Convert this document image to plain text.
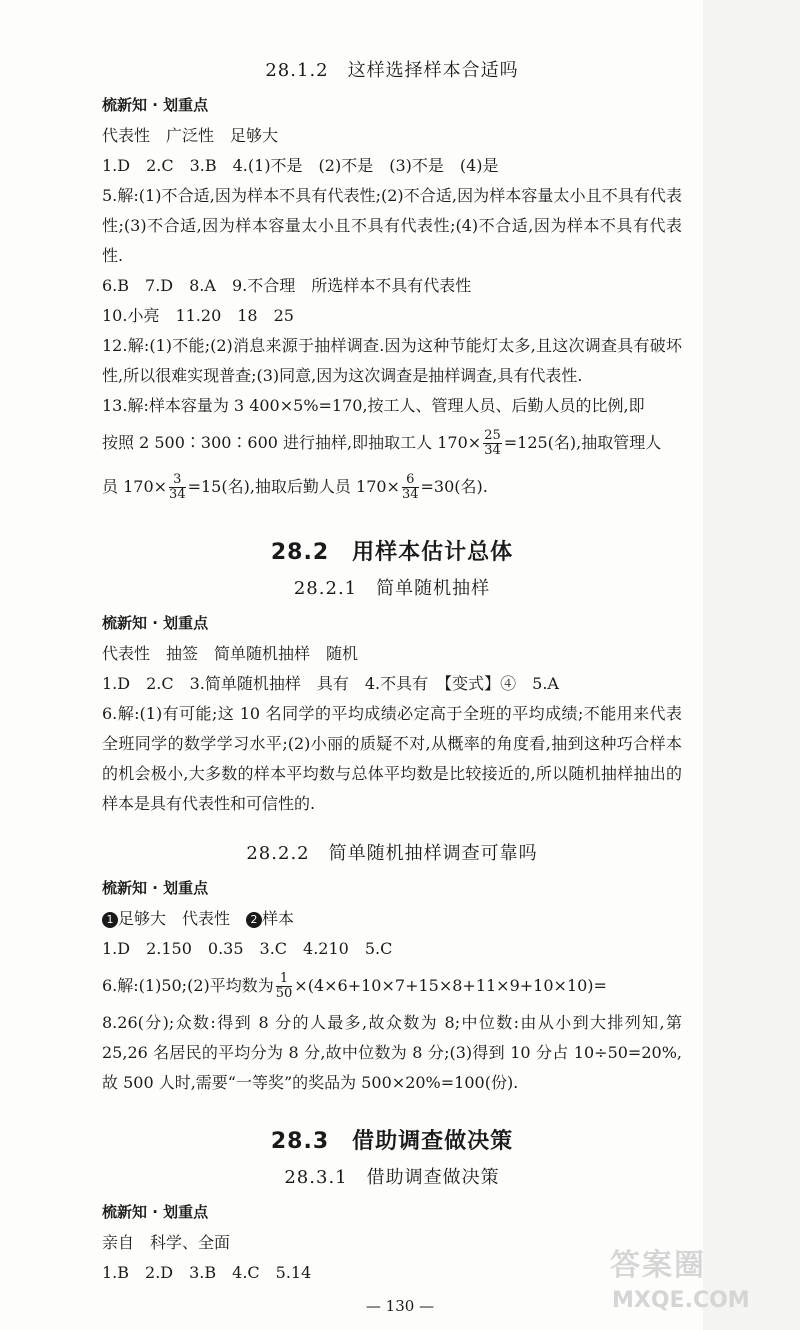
28.1.2　这样选择样本合适吗
梳新知 · 划重点

代表性　广泛性　足够大

1.D　2.C　3.B　4.(1)不是　(2)不是　(3)不是　(4)是

5.解:(1)不合适,因为样本不具有代表性;(2)不合适,因为样本容量太小且不具有代表性;(3)不合适,因为样本容量太小且不具有代表性;(4)不合适,因为样本不具有代表性.

6.B　7.D　8.A　9.不合理　所选样本不具有代表性

10.小亮　11.20　18　25

12.解:(1)不能;(2)消息来源于抽样调查.因为这种节能灯太多,且这次调查具有破坏性,所以很难实现普查;(3)同意,因为这次调查是抽样调查,具有代表性.

13.解:样本容量为 3 400×5%=170,按工人、管理人员、后勤人员的比例,即

按照 2 500∶300∶600 进行抽样,即抽取工人 $170\times \frac{25}{34} =125$(名),抽取管理人

员 $170\times \frac{3}{34} =15$(名),抽取后勤人员 $170\times \frac{6}{34} =30$(名).

28.2　用样本估计总体
28.2.1　简单随机抽样
梳新知 · 划重点

代表性　抽签　简单随机抽样　随机

1.D　2.C　3.简单随机抽样　具有　4.不具有　【变式】④　5.A

6.解:(1)有可能;这 10 名同学的平均成绩必定高于全班的平均成绩;不能用来代表全班同学的数学学习水平;(2)小丽的质疑不对,从概率的角度看,抽到这种巧合样本的机会极小,大多数的样本平均数与总体平均数是比较接近的,所以随机抽样抽出的样本是具有代表性和可信性的.

28.2.2　简单随机抽样调查可靠吗
梳新知 · 划重点

1 足够大　代表性　2 样本

1.D　2.150　0.35　3.C　4.210　5.C

6.解:(1)50;(2)平均数为 $\frac{1}{50} \times(4\times 6+10\times 7+15\times 8+11\times 9+10\times 10)=$

8.26(分);众数:得到 8 分的人最多,故众数为 8;中位数:由从小到大排列知,第 25,26 名居民的平均分为 8 分,故中位数为 8 分;(3)得到 10 分占 10÷50=20%,故 500 人时,需要“一等奖”的奖品为 500×20%=100(份).

28.3　借助调查做决策
28.3.1　借助调查做决策
梳新知 · 划重点

亲自　科学、全面

1.B　2.D　3.B　4.C　5.14	答案圈
MXQE.COM
— 130 —
